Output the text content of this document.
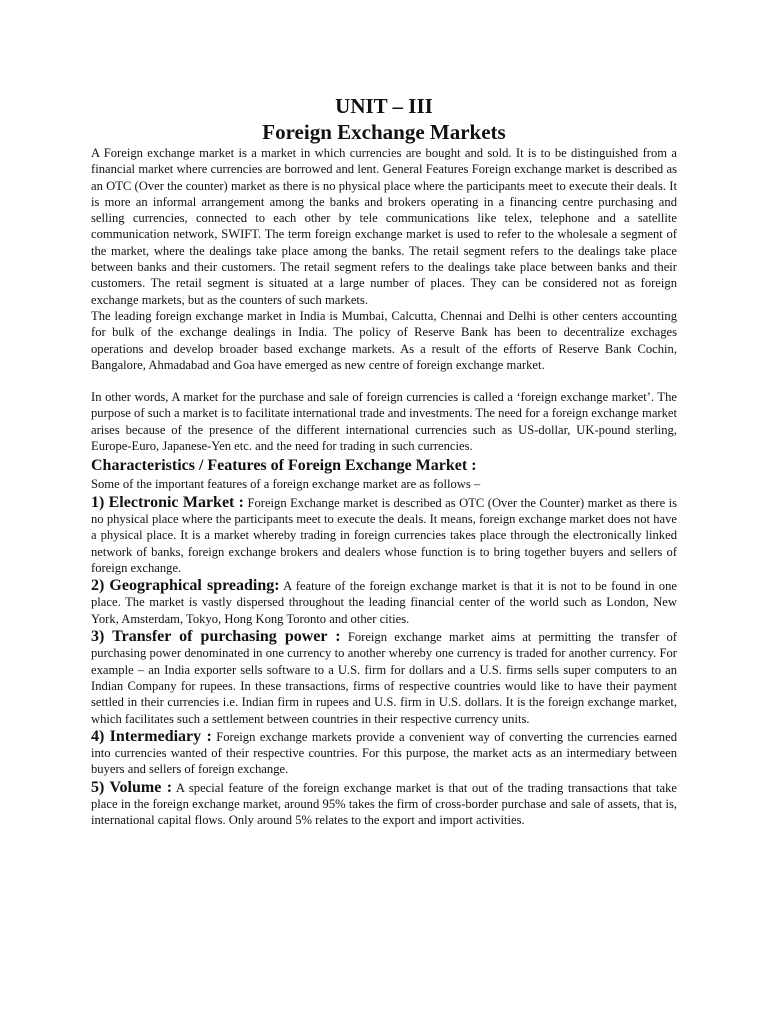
UNIT – III
Foreign Exchange Markets

A Foreign exchange market is a market in which currencies are bought and sold. It is to be distinguished from a financial market where currencies are borrowed and lent. General Features Foreign exchange market is described as an OTC (Over the counter) market as there is no physical place where the participants meet to execute their deals. It is more an informal arrangement among the banks and brokers operating in a financing centre purchasing and selling currencies, connected to each other by tele communications like telex, telephone and a satellite communication network, SWIFT. The term foreign exchange market is used to refer to the wholesale a segment of the market, where the dealings take place among the banks. The retail segment refers to the dealings take place between banks and their customers. The retail segment refers to the dealings take place between banks and their customers. The retail segment is situated at a large number of places. They can be considered not as foreign exchange markets, but as the counters of such markets.

The leading foreign exchange market in India is Mumbai, Calcutta, Chennai and Delhi is other centers accounting for bulk of the exchange dealings in India. The policy of Reserve Bank has been to decentralize exchages operations and develop broader based exchange markets. As a result of the efforts of Reserve Bank Cochin, Bangalore, Ahmadabad and Goa have emerged as new centre of foreign exchange market.

In other words, A market for the purchase and sale of foreign currencies is called a ‘foreign exchange market’. The purpose of such a market is to facilitate international trade and investments. The need for a foreign exchange market arises because of the presence of the different international currencies such as US-dollar, UK-pound sterling, Europe-Euro, Japanese-Yen etc. and the need for trading in such currencies.

Characteristics / Features of Foreign Exchange Market :

Some of the important features of a foreign exchange market are as follows –

1) Electronic Market : Foreign Exchange market is described as OTC (Over the Counter) market as there is no physical place where the participants meet to execute the deals. It means, foreign exchange market does not have a physical place. It is a market whereby trading in foreign currencies takes place through the electronically linked network of banks, foreign exchange brokers and dealers whose function is to bring together buyers and sellers of foreign exchange.

2) Geographical spreading: A feature of the foreign exchange market is that it is not to be found in one place. The market is vastly dispersed throughout the leading financial center of the world such as London, New York, Amsterdam, Tokyo, Hong Kong Toronto and other cities.

3) Transfer of purchasing power : Foreign exchange market aims at permitting the transfer of purchasing power denominated in one currency to another whereby one currency is traded for another currency. For example – an India exporter sells software to a U.S. firm for dollars and a U.S. firms sells super computers to an Indian Company for rupees. In these transactions, firms of respective countries would like to have their payment settled in their currencies i.e. Indian firm in rupees and U.S. firm in U.S. dollars. It is the foreign exchange market, which facilitates such a settlement between countries in their respective currency units.

4) Intermediary : Foreign exchange markets provide a convenient way of converting the currencies earned into currencies wanted of their respective countries. For this purpose, the market acts as an intermediary between buyers and sellers of foreign exchange.

5) Volume : A special feature of the foreign exchange market is that out of the trading transactions that take place in the foreign exchange market, around 95% takes the firm of cross-border purchase and sale of assets, that is, international capital flows. Only around 5% relates to the export and import activities.
